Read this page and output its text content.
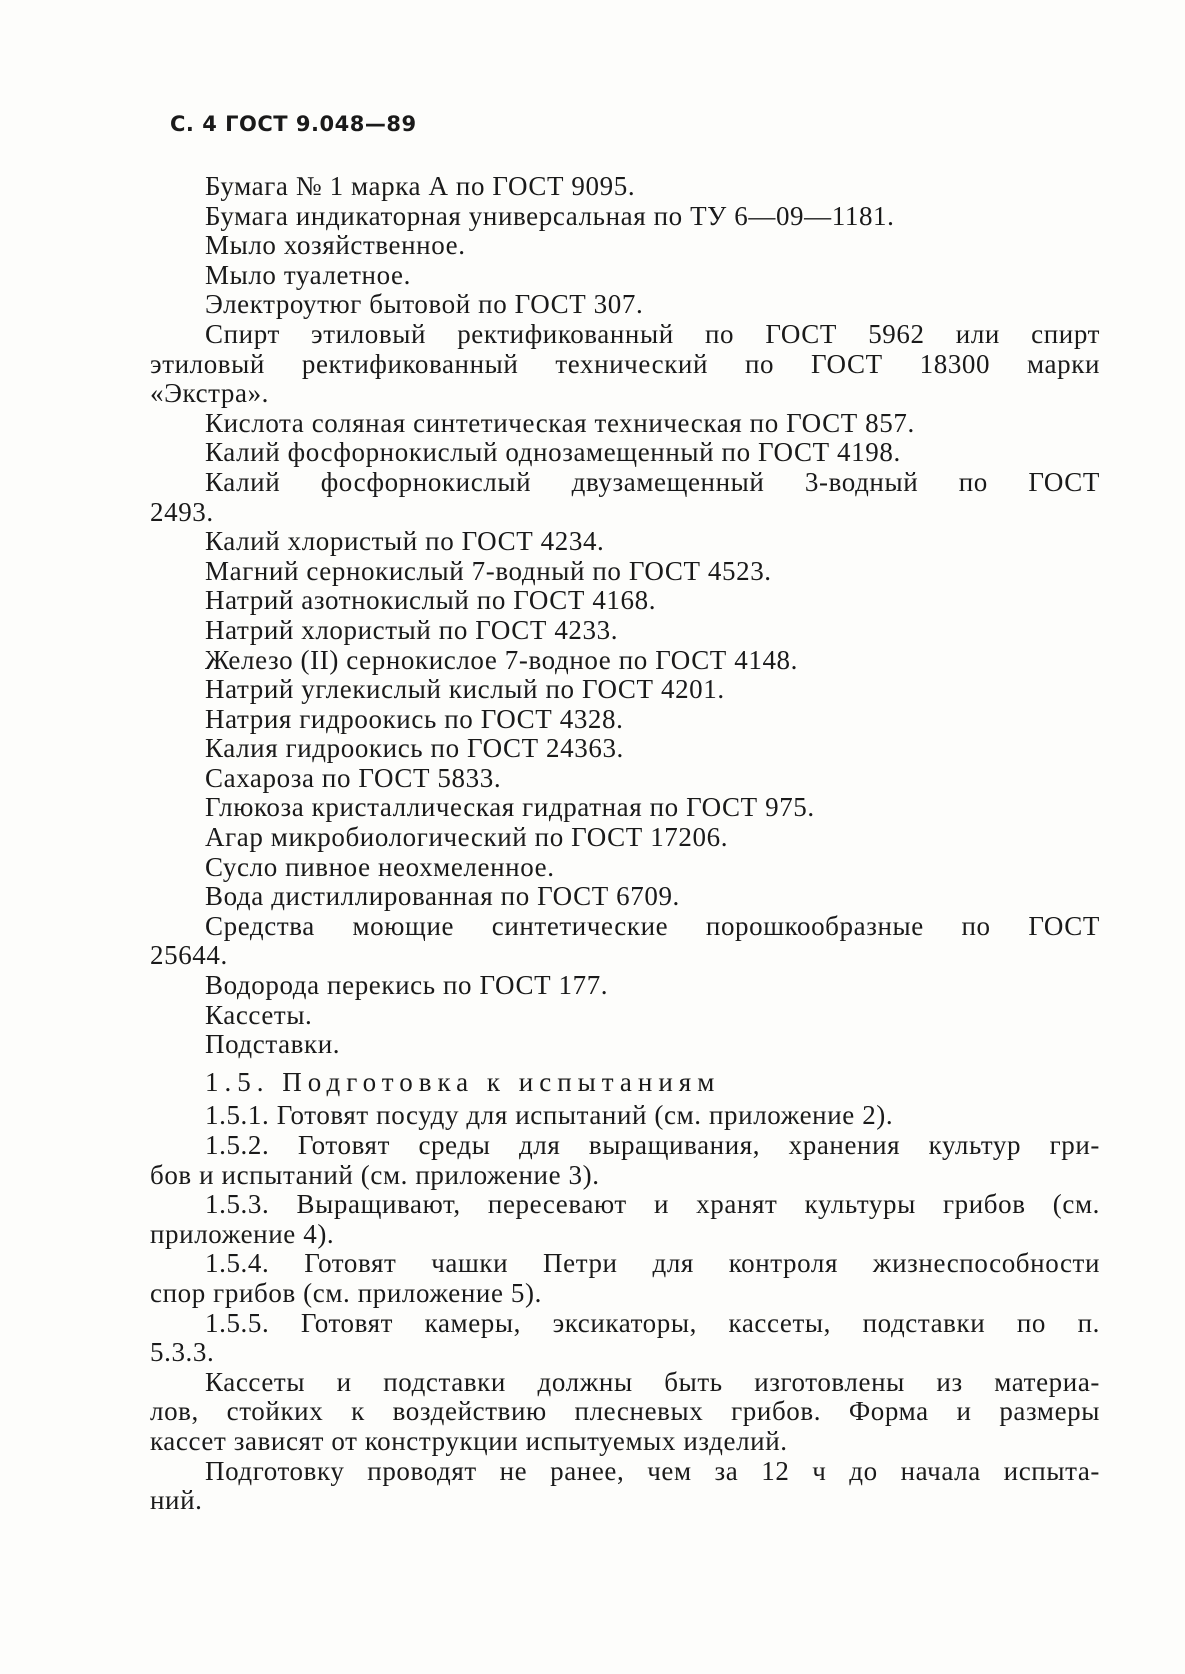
С. 4 ГОСТ 9.048—89
Бумага № 1 марка А по ГОСТ 9095.
Бумага индикаторная универсальная по ТУ 6—09—1181.
Мыло хозяйственное.
Мыло туалетное.
Электроутюг бытовой по ГОСТ 307.
Спирт этиловый ректификованный по ГОСТ 5962 или спирт
этиловый ректификованный технический по ГОСТ 18300 марки
«Экстра».
Кислота соляная синтетическая техническая по ГОСТ 857.
Калий фосфорнокислый однозамещенный по ГОСТ 4198.
Калий фосфорнокислый двузамещенный 3-водный по ГОСТ
2493.
Калий хлористый по ГОСТ 4234.
Магний сернокислый 7-водный по ГОСТ 4523.
Натрий азотнокислый по ГОСТ 4168.
Натрий хлористый по ГОСТ 4233.
Железо (II) сернокислое 7-водное по ГОСТ 4148.
Натрий углекислый кислый по ГОСТ 4201.
Натрия гидроокись по ГОСТ 4328.
Калия гидроокись по ГОСТ 24363.
Сахароза по ГОСТ 5833.
Глюкоза кристаллическая гидратная по ГОСТ 975.
Агар микробиологический по ГОСТ 17206.
Сусло пивное неохмеленное.
Вода дистиллированная по ГОСТ 6709.
Средства моющие синтетические порошкообразные по ГОСТ
25644.
Водорода перекись по ГОСТ 177.
Кассеты.
Подставки.
1.5. Подготовка к испытаниям
1.5.1. Готовят посуду для испытаний (см. приложение 2).
1.5.2. Готовят среды для выращивания, хранения культур гри-
бов и испытаний (см. приложение 3).
1.5.3. Выращивают, пересевают и хранят культуры грибов (см.
приложение 4).
1.5.4. Готовят чашки Петри для контроля жизнеспособности
спор грибов (см. приложение 5).
1.5.5. Готовят камеры, эксикаторы, кассеты, подставки по п.
5.3.3.
Кассеты и подставки должны быть изготовлены из материа-
лов, стойких к воздействию плесневых грибов. Форма и размеры
кассет зависят от конструкции испытуемых изделий.
Подготовку проводят не ранее, чем за 12 ч до начала испыта-
ний.
